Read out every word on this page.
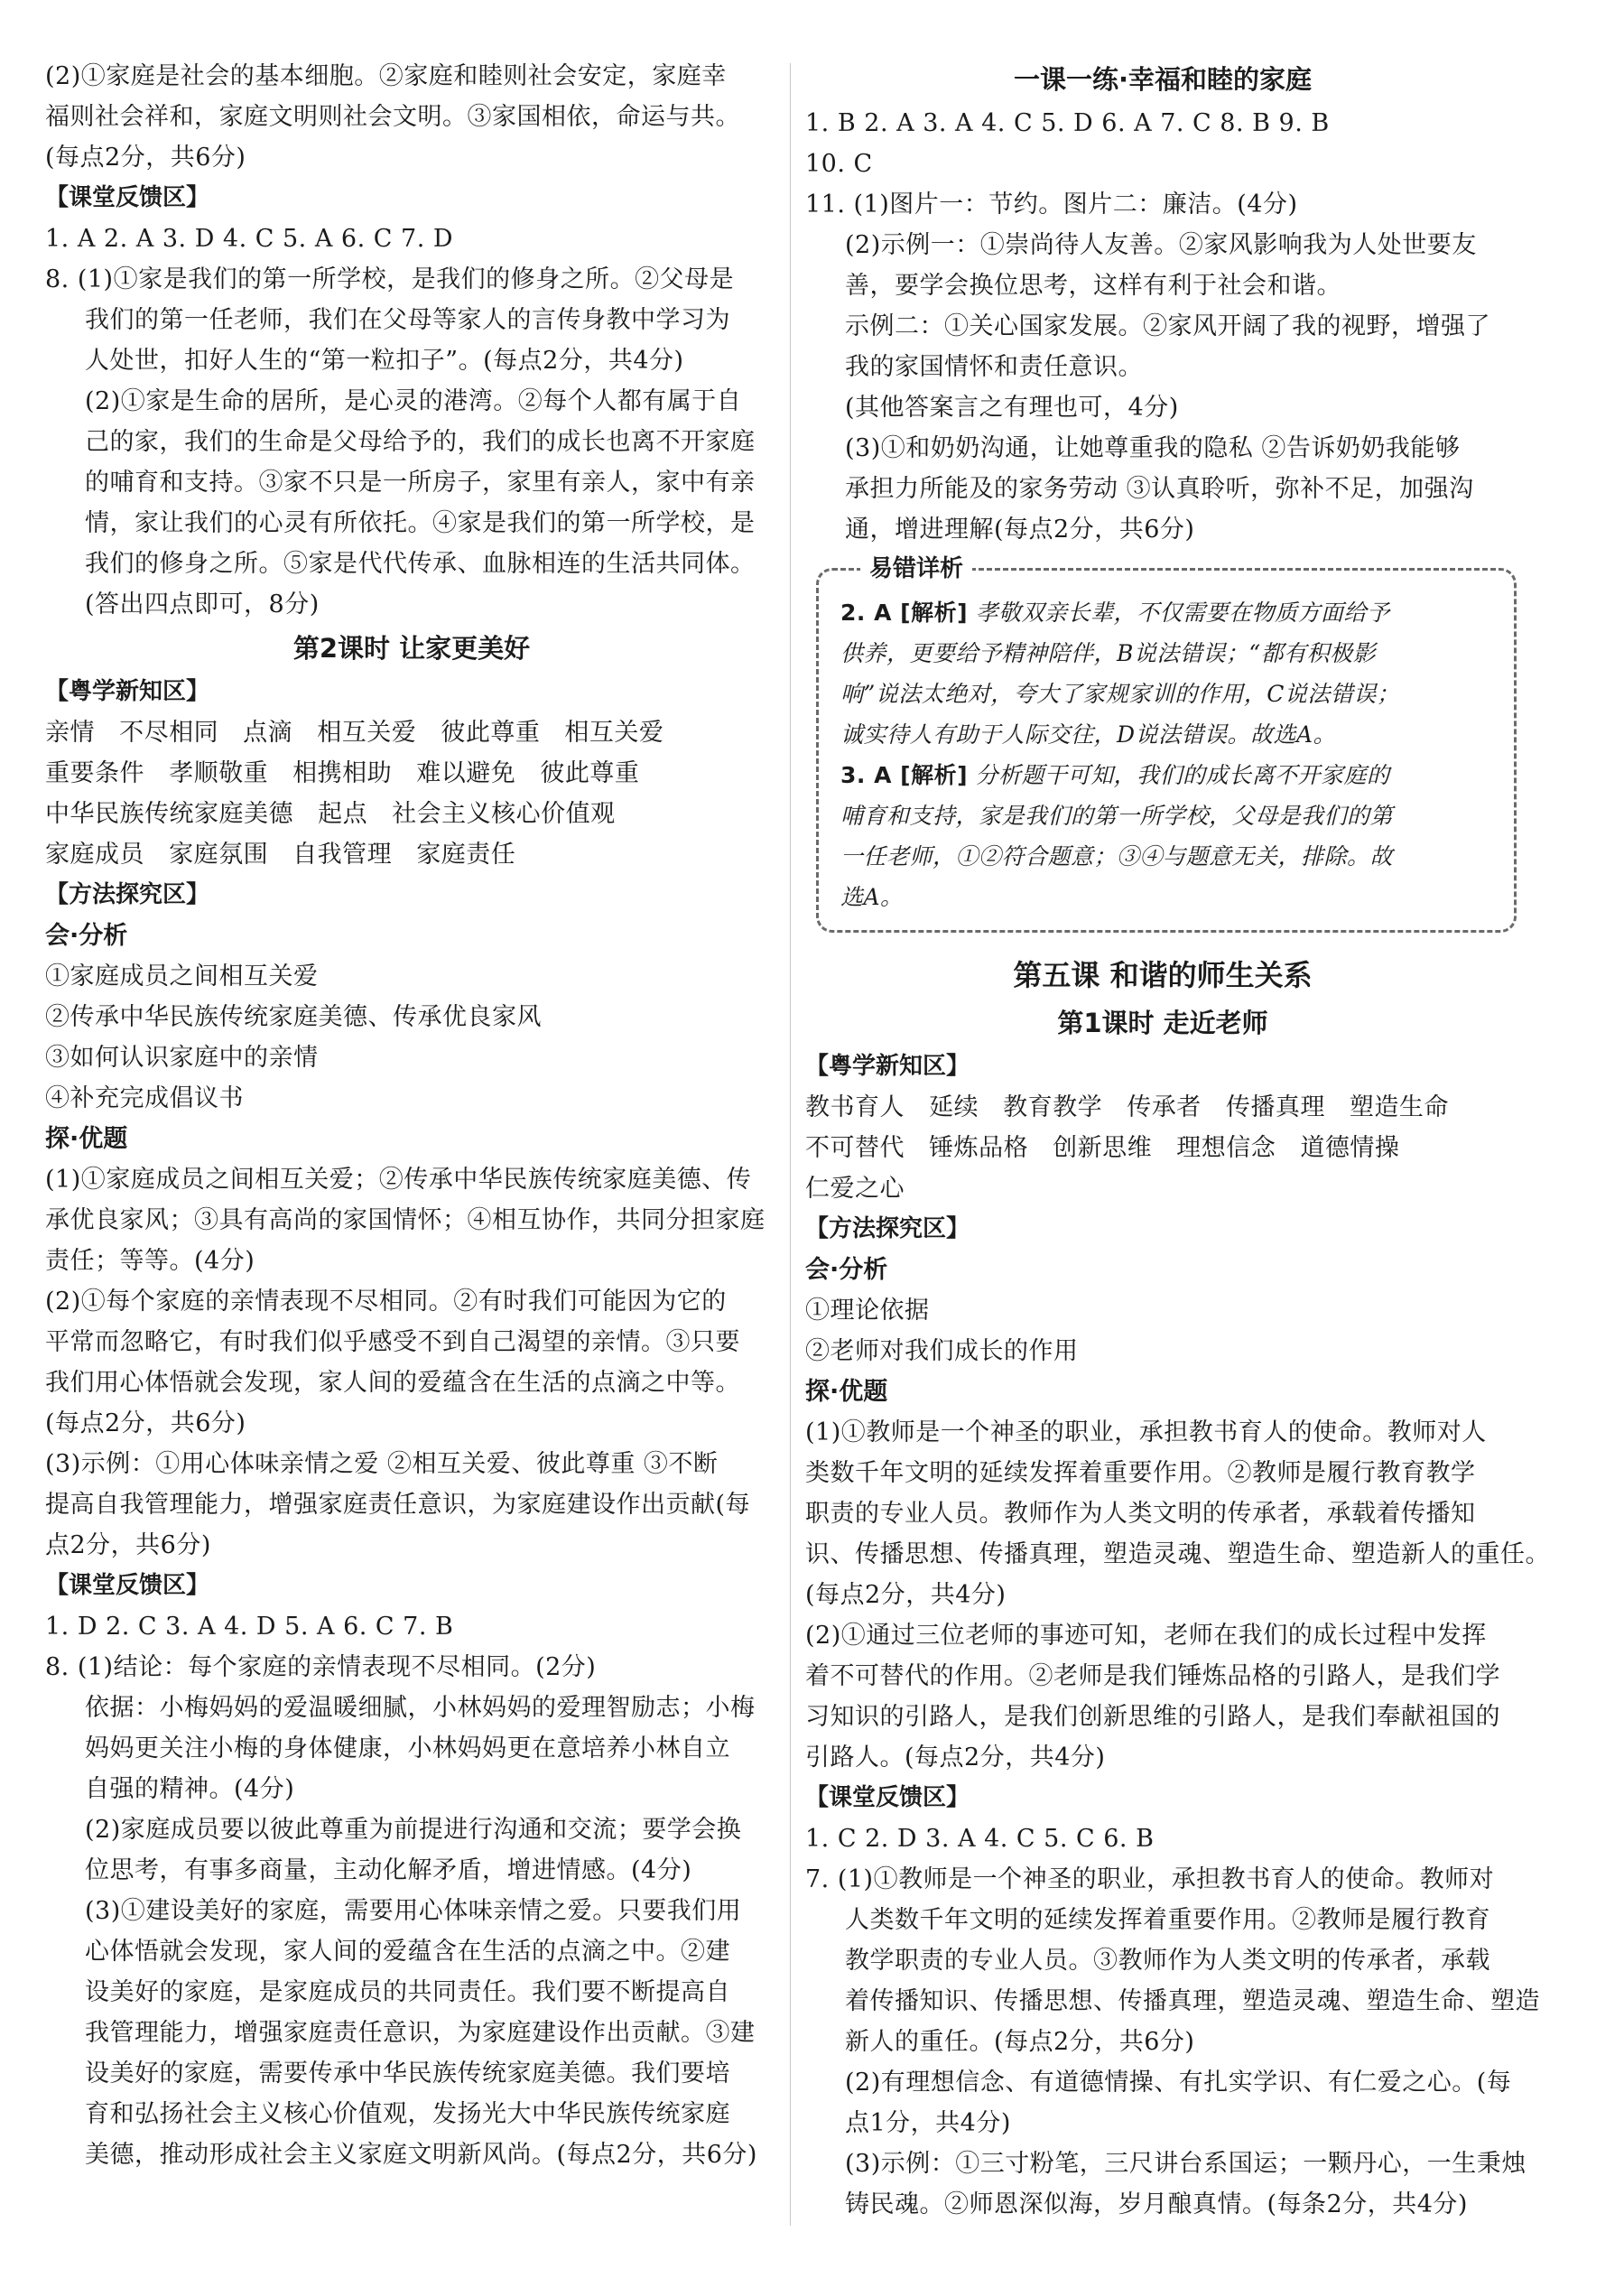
(2)①家庭是社会的基本细胞。②家庭和睦则社会安定，家庭幸
福则社会祥和，家庭文明则社会文明。③家国相依，命运与共。
(每点2分，共6分)
【课堂反馈区】
1. A 2. A 3. D 4. C 5. A 6. C 7. D
8. (1)①家是我们的第一所学校，是我们的修身之所。②父母是
我们的第一任老师，我们在父母等家人的言传身教中学习为
人处世，扣好人生的“第一粒扣子”。(每点2分，共4分)
(2)①家是生命的居所，是心灵的港湾。②每个人都有属于自
己的家，我们的生命是父母给予的，我们的成长也离不开家庭
的哺育和支持。③家不只是一所房子，家里有亲人，家中有亲
情，家让我们的心灵有所依托。④家是我们的第一所学校，是
我们的修身之所。⑤家是代代传承、血脉相连的生活共同体。
(答出四点即可，8分)
第2课时 让家更美好
【粤学新知区】
亲情 不尽相同 点滴 相互关爱 彼此尊重 相互关爱
重要条件 孝顺敬重 相携相助 难以避免 彼此尊重
中华民族传统家庭美德 起点 社会主义核心价值观
家庭成员 家庭氛围 自我管理 家庭责任
【方法探究区】
会·分析
①家庭成员之间相互关爱
②传承中华民族传统家庭美德、传承优良家风
③如何认识家庭中的亲情
④补充完成倡议书
探·优题
(1)①家庭成员之间相互关爱；②传承中华民族传统家庭美德、传
承优良家风；③具有高尚的家国情怀；④相互协作，共同分担家庭
责任；等等。(4分)
(2)①每个家庭的亲情表现不尽相同。②有时我们可能因为它的
平常而忽略它，有时我们似乎感受不到自己渴望的亲情。③只要
我们用心体悟就会发现，家人间的爱蕴含在生活的点滴之中等。
(每点2分，共6分)
(3)示例：①用心体味亲情之爱 ②相互关爱、彼此尊重 ③不断
提高自我管理能力，增强家庭责任意识，为家庭建设作出贡献(每
点2分，共6分)
【课堂反馈区】
1. D 2. C 3. A 4. D 5. A 6. C 7. B
8. (1)结论：每个家庭的亲情表现不尽相同。(2分)
依据：小梅妈妈的爱温暖细腻，小林妈妈的爱理智励志；小梅
妈妈更关注小梅的身体健康，小林妈妈更在意培养小林自立
自强的精神。(4分)
(2)家庭成员要以彼此尊重为前提进行沟通和交流；要学会换
位思考，有事多商量，主动化解矛盾，增进情感。(4分)
(3)①建设美好的家庭，需要用心体味亲情之爱。只要我们用
心体悟就会发现，家人间的爱蕴含在生活的点滴之中。②建
设美好的家庭，是家庭成员的共同责任。我们要不断提高自
我管理能力，增强家庭责任意识，为家庭建设作出贡献。③建
设美好的家庭，需要传承中华民族传统家庭美德。我们要培
育和弘扬社会主义核心价值观，发扬光大中华民族传统家庭
美德，推动形成社会主义家庭文明新风尚。(每点2分，共6分)
一课一练·幸福和睦的家庭
1. B 2. A 3. A 4. C 5. D 6. A 7. C 8. B 9. B
10. C
11. (1)图片一：节约。图片二：廉洁。(4分)
(2)示例一：①崇尚待人友善。②家风影响我为人处世要友
善，要学会换位思考，这样有利于社会和谐。
示例二：①关心国家发展。②家风开阔了我的视野，增强了
我的家国情怀和责任意识。
(其他答案言之有理也可，4分)
(3)①和奶奶沟通，让她尊重我的隐私 ②告诉奶奶我能够
承担力所能及的家务劳动 ③认真聆听，弥补不足，加强沟
通，增进理解(每点2分，共6分)
易错详析
2. A [解析] 孝敬双亲长辈，不仅需要在物质方面给予
供养，更要给予精神陪伴，B说法错误；“都有积极影
响”说法太绝对，夸大了家规家训的作用，C说法错误；
诚实待人有助于人际交往，D说法错误。故选A。
3. A [解析] 分析题干可知，我们的成长离不开家庭的
哺育和支持，家是我们的第一所学校，父母是我们的第
一任老师，①②符合题意；③④与题意无关，排除。故
选A。
第五课 和谐的师生关系
第1课时 走近老师
【粤学新知区】
教书育人 延续 教育教学 传承者 传播真理 塑造生命
不可替代 锤炼品格 创新思维 理想信念 道德情操
仁爱之心
【方法探究区】
会·分析
①理论依据
②老师对我们成长的作用
探·优题
(1)①教师是一个神圣的职业，承担教书育人的使命。教师对人
类数千年文明的延续发挥着重要作用。②教师是履行教育教学
职责的专业人员。教师作为人类文明的传承者，承载着传播知
识、传播思想、传播真理，塑造灵魂、塑造生命、塑造新人的重任。
(每点2分，共4分)
(2)①通过三位老师的事迹可知，老师在我们的成长过程中发挥
着不可替代的作用。②老师是我们锤炼品格的引路人，是我们学
习知识的引路人，是我们创新思维的引路人，是我们奉献祖国的
引路人。(每点2分，共4分)
【课堂反馈区】
1. C 2. D 3. A 4. C 5. C 6. B
7. (1)①教师是一个神圣的职业，承担教书育人的使命。教师对
人类数千年文明的延续发挥着重要作用。②教师是履行教育
教学职责的专业人员。③教师作为人类文明的传承者，承载
着传播知识、传播思想、传播真理，塑造灵魂、塑造生命、塑造
新人的重任。(每点2分，共6分)
(2)有理想信念、有道德情操、有扎实学识、有仁爱之心。(每
点1分，共4分)
(3)示例：①三寸粉笔，三尺讲台系国运；一颗丹心，一生秉烛
铸民魂。②师恩深似海，岁月酿真情。(每条2分，共4分)
